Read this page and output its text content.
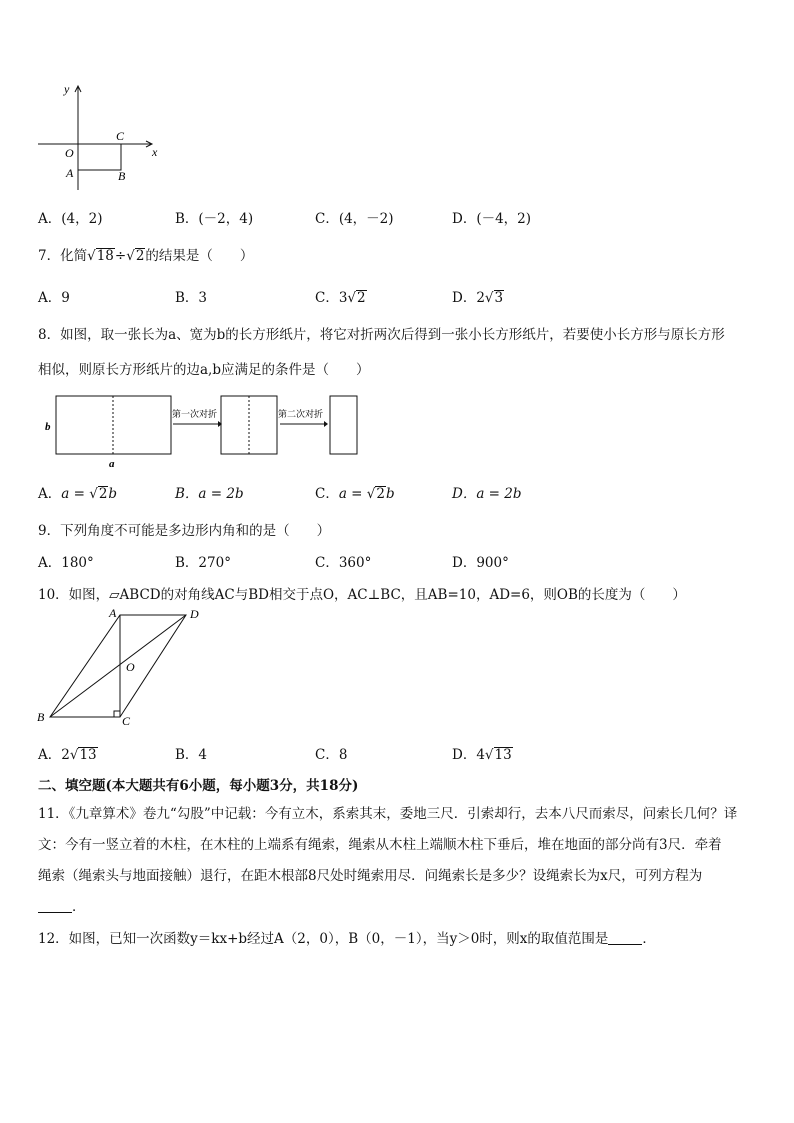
y
x
O
C
A	B
A．(4，2)	B．(－2，4)	C．(4，－2)	D．(－4，2)
7．化简√18÷√2的结果是（　　）
A．9	B．3	C．3√2	D．2√3
8．如图，取一张长为a、宽为b的长方形纸片，将它对折两次后得到一张小长方形纸片，若要使小长方形与原长方形
相似，则原长方形纸片的边a,b应满足的条件是（　　）
b
a
第一次对折	第二次对折
A．a = √2b	B．a = 2b	C．a = √2b	D．a = 2b
9．下列角度不可能是多边形内角和的是（　　）
A．180°	B．270°	C．360°	D．900°
10．如图，▱ABCD的对角线AC与BD相交于点O，AC⊥BC，且AB=10，AD=6，则OB的长度为（　　）
A	D
O
B	C
A．2√13	B．4	C．8	D．4√13
二、填空题(本大题共有6小题，每小题3分，共18分)
11．《九章算术》卷九“勾股”中记载：今有立木，系索其末，委地三尺．引索却行，去本八尺而索尽，问索长几何？译
文：今有一竖立着的木柱，在木柱的上端系有绳索，绳索从木柱上端顺木柱下垂后，堆在地面的部分尚有3尺．牵着
绳索（绳索头与地面接触）退行，在距木根部8尺处时绳索用尽．问绳索长是多少？设绳索长为x尺，可列方程为
．
12．如图，已知一次函数y＝kx+b经过A（2，0），B（0，－1），当y＞0时，则x的取值范围是	．
